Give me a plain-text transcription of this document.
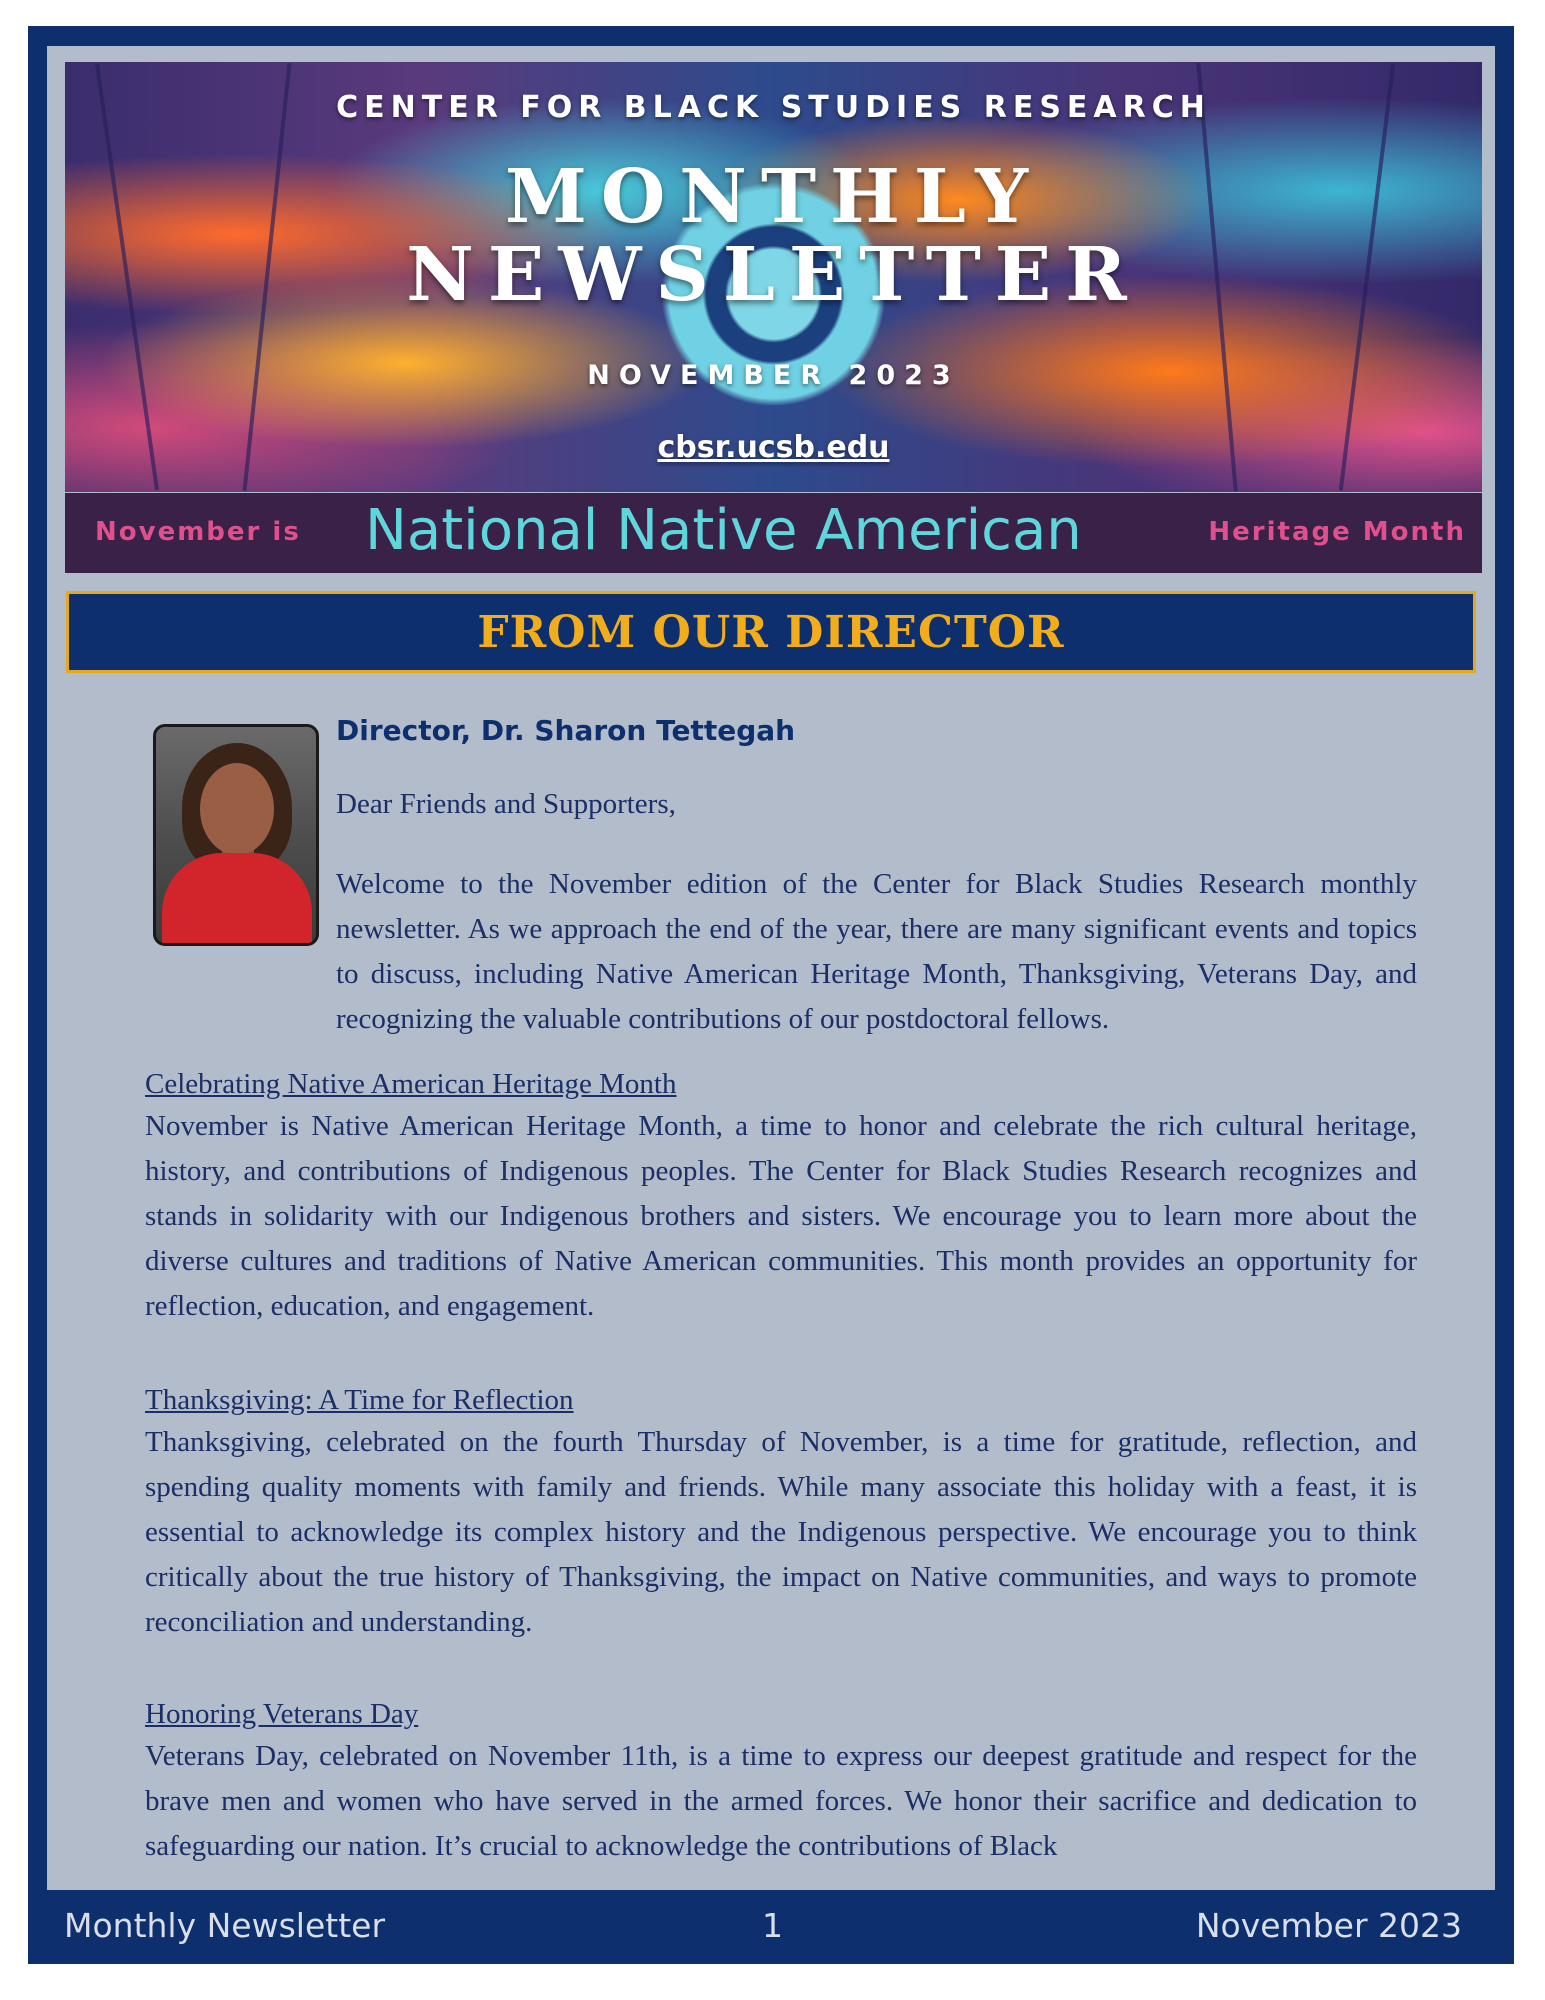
CENTER FOR BLACK STUDIES RESEARCH
MONTHLY
NEWSLETTER
NOVEMBER 2023
cbsr.ucsb.edu
November is National Native American	Heritage Month
FROM OUR DIRECTOR
Director, Dr. Sharon Tettegah

Dear Friends and Supporters,

Welcome to the November edition of the Center for Black Studies Research monthly newsletter. As we approach the end of the year, there are many significant events and topics

to discuss, including Native American Heritage Month, Thanksgiving, Veterans Day, and recognizing the valuable contributions of our postdoctoral fellows.

Celebrating Native American Heritage Month

November is Native American Heritage Month, a time to honor and celebrate the rich cultural heritage, history, and contributions of Indigenous peoples. The Center for Black Studies Research recognizes and stands in solidarity with our Indigenous brothers and sisters. We encourage you to learn more about the diverse cultures and traditions of Native American communities. This month provides an opportunity for reflection, education, and engagement.

Thanksgiving: A Time for Reflection

Thanksgiving, celebrated on the fourth Thursday of November, is a time for gratitude, reflection, and spending quality moments with family and friends. While many associate this holiday with a feast, it is essential to acknowledge its complex history and the Indigenous perspective. We encourage you to think critically about the true history of Thanksgiving, the impact on Native communities, and ways to promote reconciliation and understanding.

Honoring Veterans Day

Veterans Day, celebrated on November 11th, is a time to express our deepest gratitude and respect for the brave men and women who have served in the armed forces. We honor their sacrifice and dedication to safeguarding our nation. It’s crucial to acknowledge the contributions of Black

Monthly Newsletter	1	November 2023
